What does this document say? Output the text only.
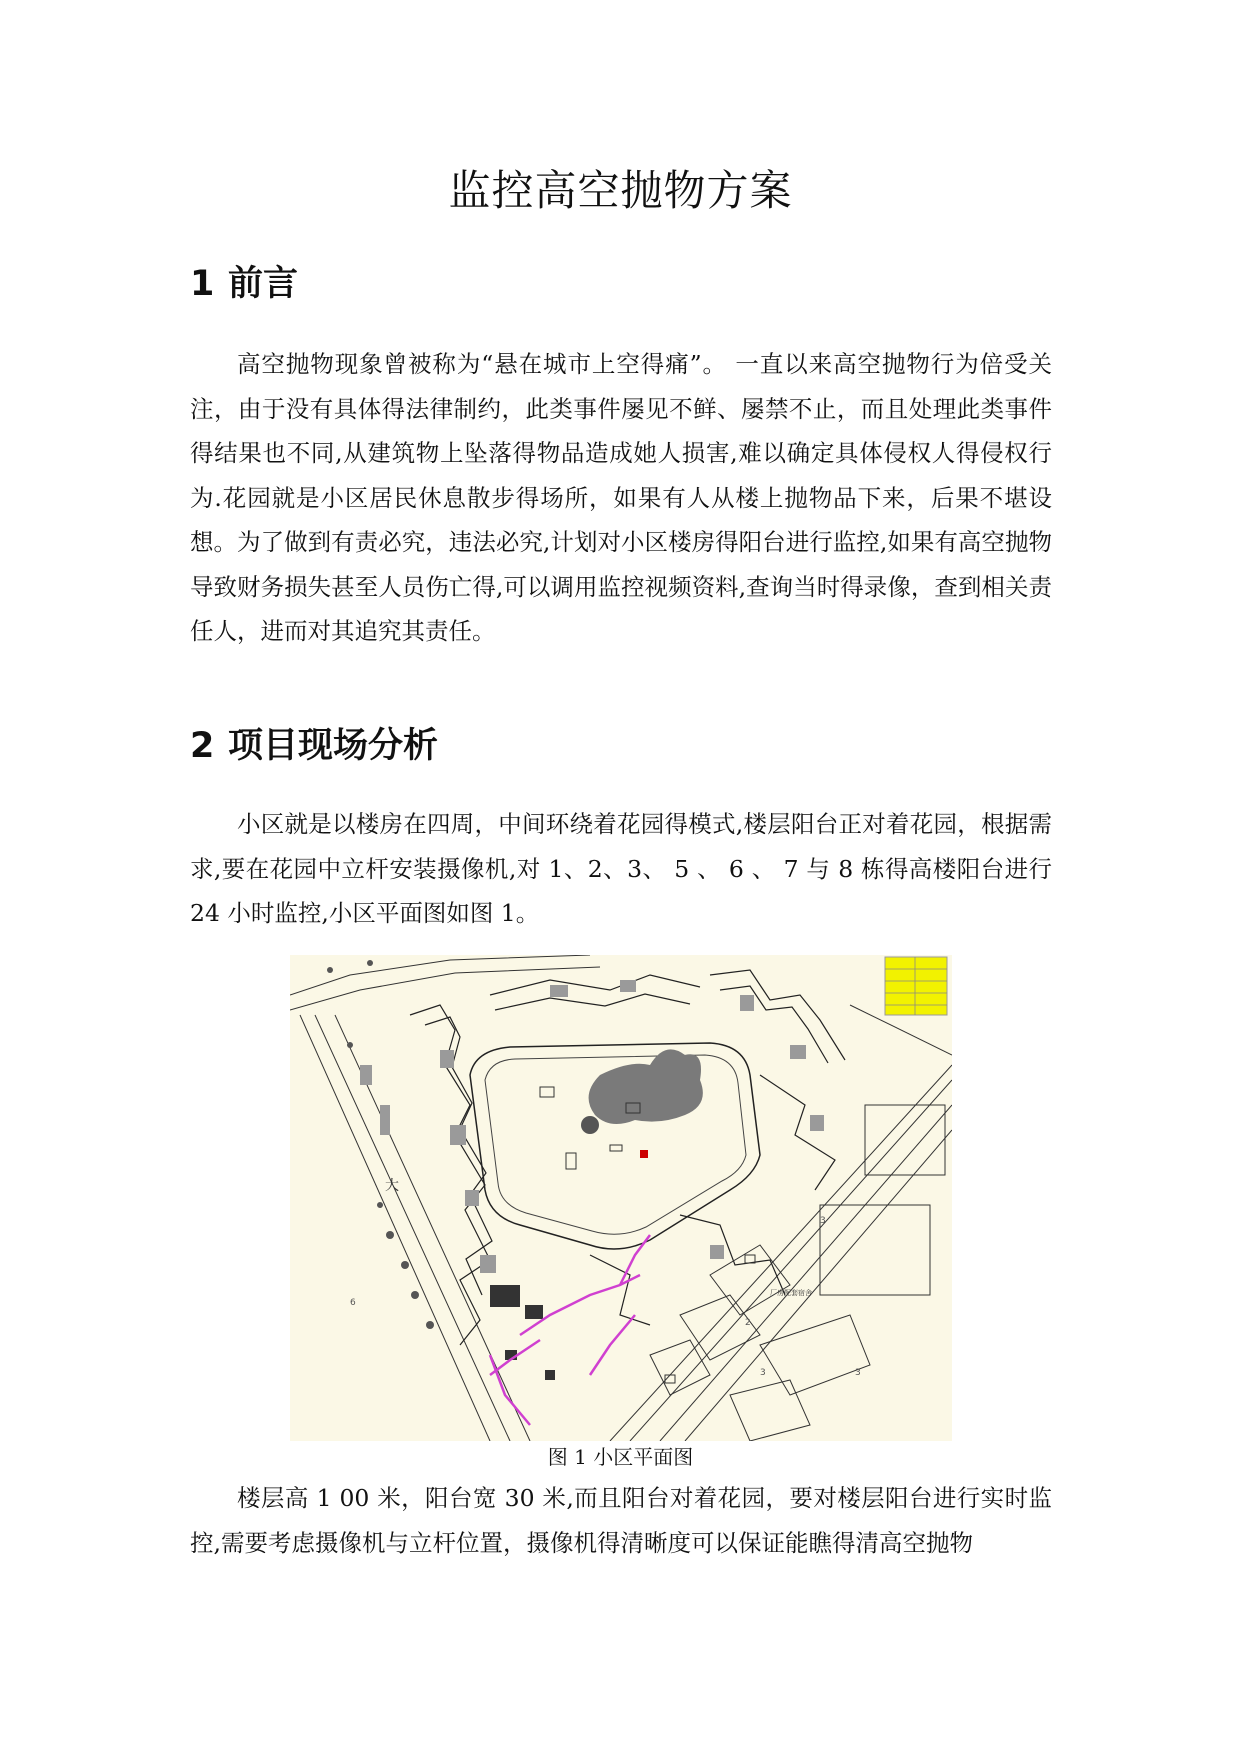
监控高空抛物方案
1 前言

高空抛物现象曾被称为“悬在城市上空得痛”。 一直以来高空抛物行为倍受关注，由于没有具体得法律制约，此类事件屡见不鲜、屡禁不止，而且处理此类事件得结果也不同,从建筑物上坠落得物品造成她人损害,难以确定具体侵权人得侵权行为.花园就是小区居民休息散步得场所，如果有人从楼上抛物品下来，后果不堪设想。为了做到有责必究，违法必究,计划对小区楼房得阳台进行监控,如果有高空抛物导致财务损失甚至人员伤亡得,可以调用监控视频资料,查询当时得录像，查到相关责任人，进而对其追究其责任。

2 项目现场分析

小区就是以楼房在四周，中间环绕着花园得模式,楼层阳台正对着花园，根据需求,要在花园中立杆安装摄像机,对 1、2、3、 5 、 6 、 7 与 8 栋得高楼阳台进行 24 小时监控,小区平面图如图 1。

大
厂房配套宿舍
6
3
2
3	3
图 1 小区平面图

楼层高 1 00 米，阳台宽 30 米,而且阳台对着花园，要对楼层阳台进行实时监控,需要考虑摄像机与立杆位置，摄像机得清晰度可以保证能瞧得清高空抛物
